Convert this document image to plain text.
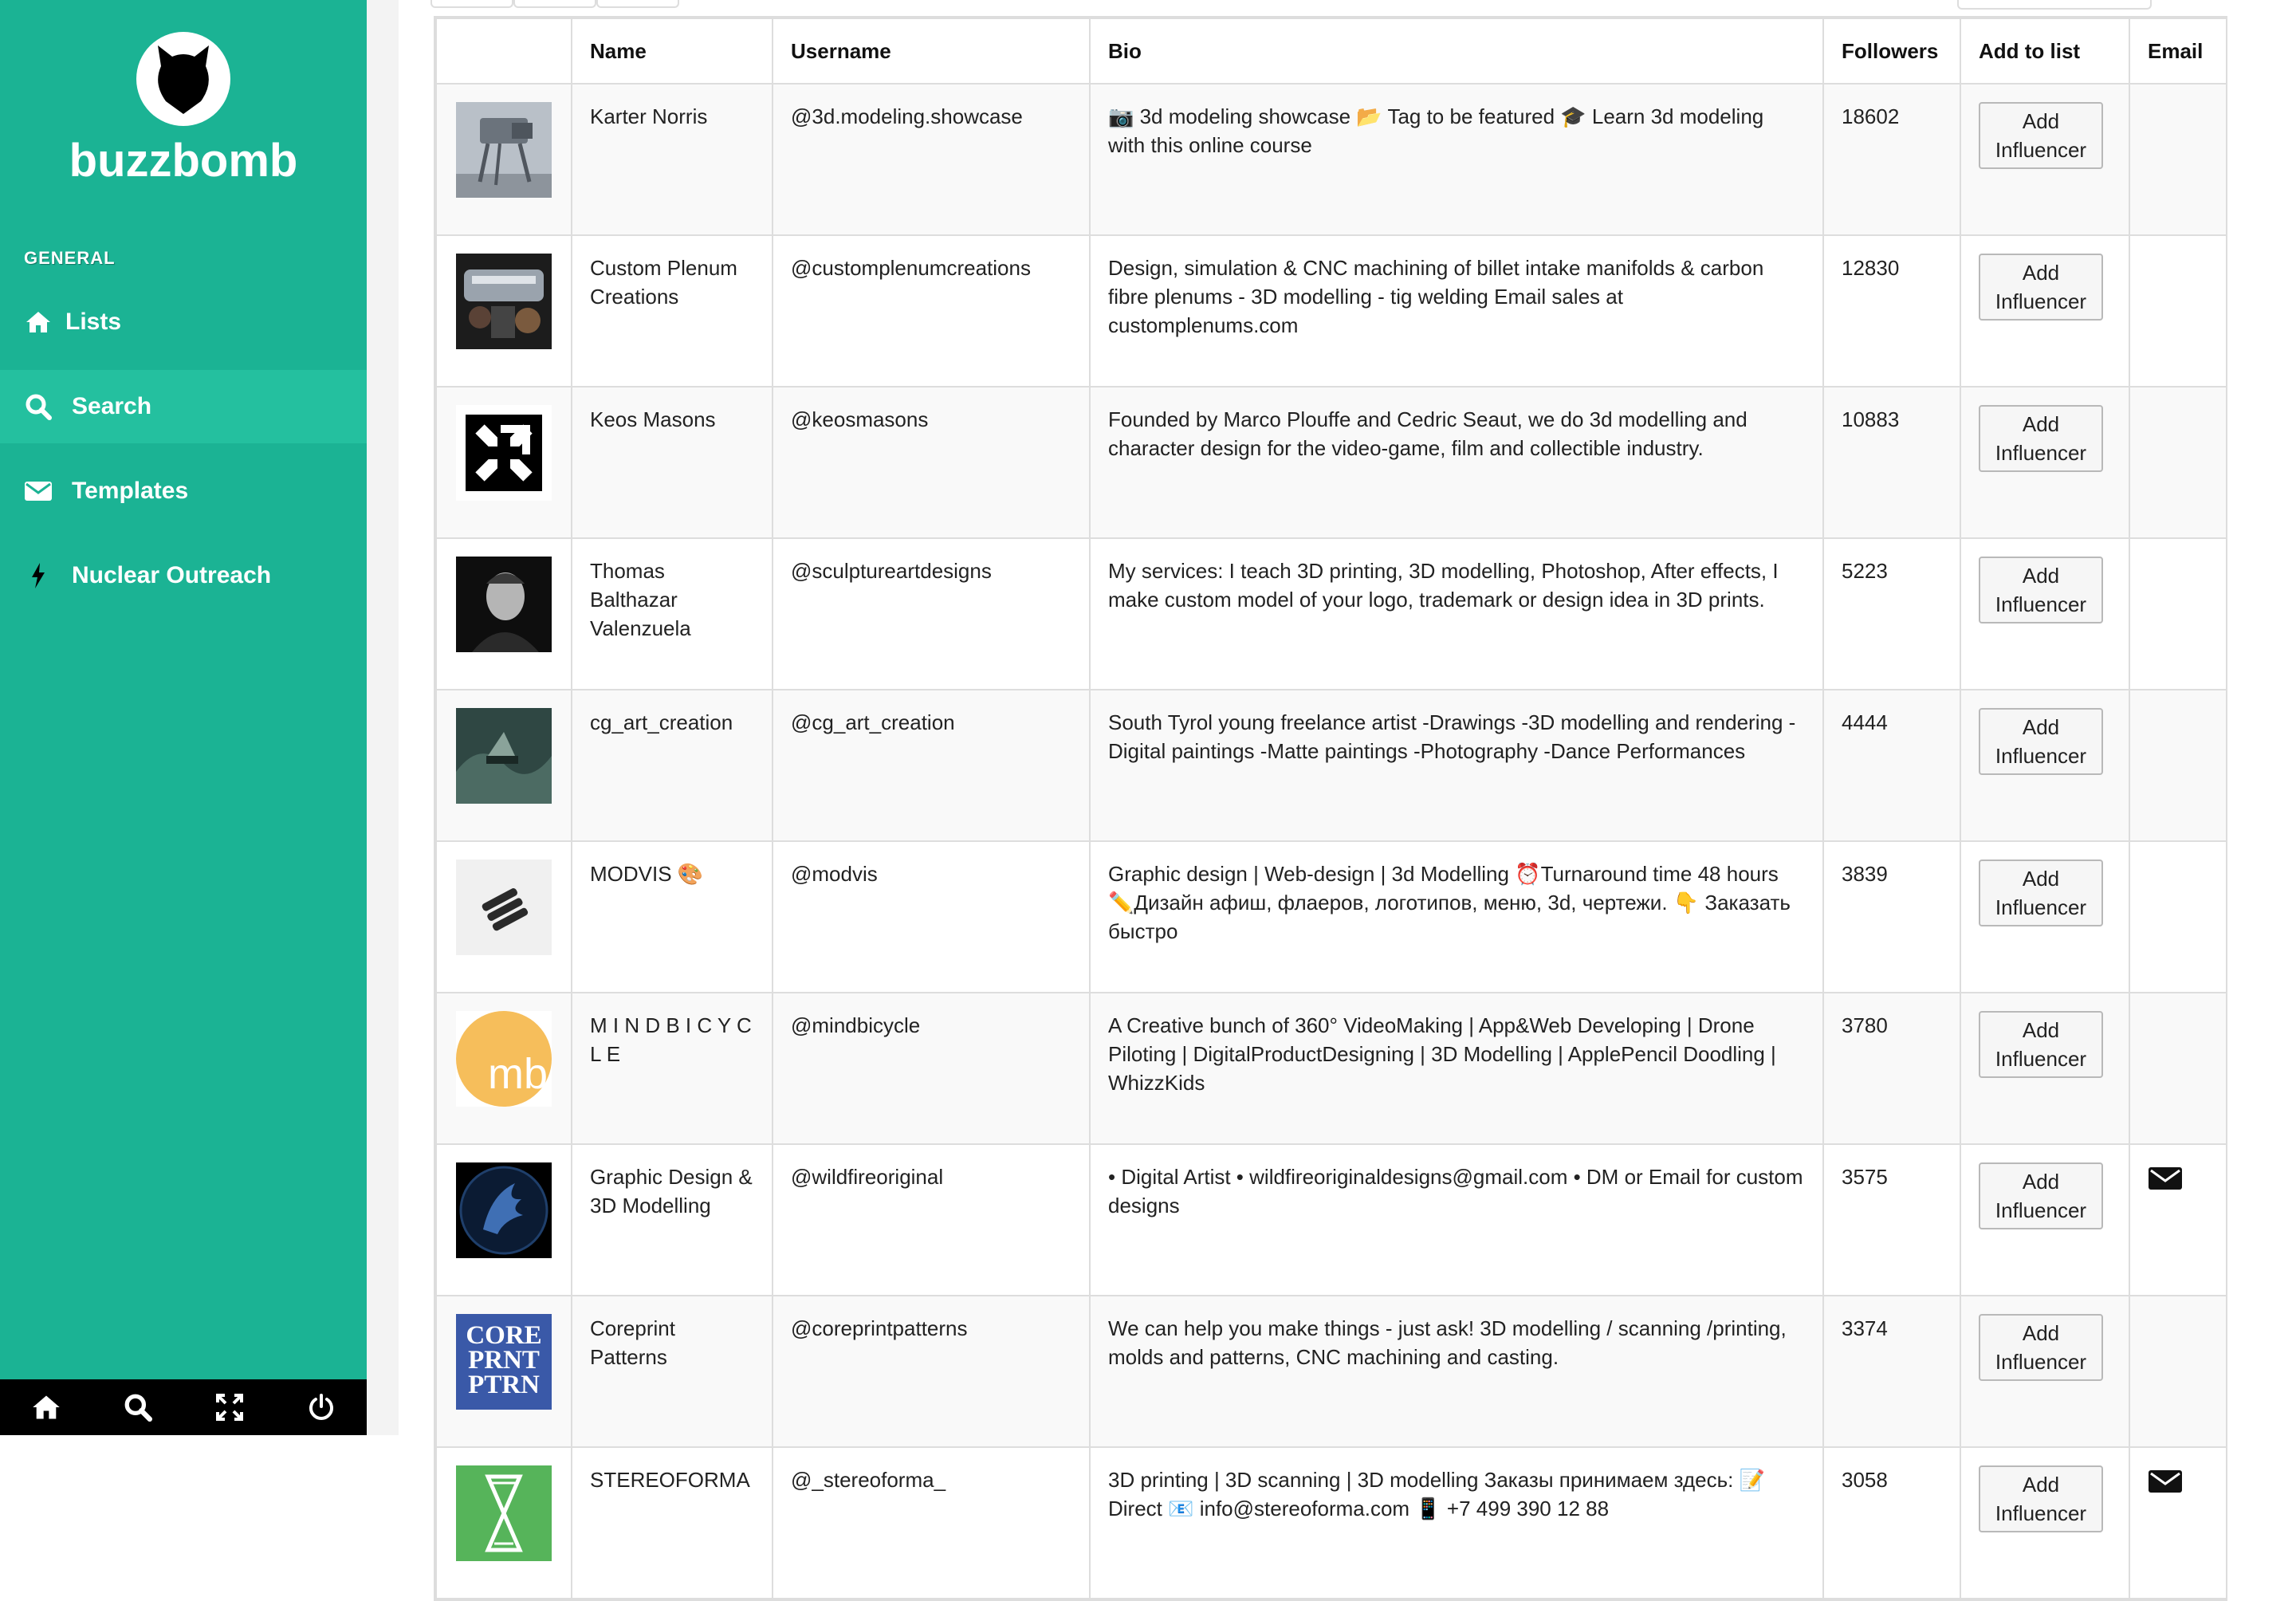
buzzbomb
GENERAL
Lists
Search
Templates
Nuclear Outreach
	Name	Username	Bio	Followers	Add to list	Email

	Karter Norris	@3d.modeling.showcase	📷 3d modeling showcase 📂 Tag to be featured 🎓 Learn 3d modeling with this online course	18602	Add Influencer	

	Custom Plenum Creations	@customplenumcreations	Design, simulation & CNC machining of billet intake manifolds & carbon fibre plenums - 3D modelling - tig welding Email sales at customplenums.com	12830	Add Influencer	

	Keos Masons	@keosmasons	Founded by Marco Plouffe and Cedric Seaut, we do 3d modelling and character design for the video-game, film and collectible industry.	10883	Add Influencer	

	Thomas Balthazar Valenzuela	@sculptureartdesigns	My services: I teach 3D printing, 3D modelling, Photoshop, After effects, I make custom model of your logo, trademark or design idea in 3D prints.	5223	Add Influencer	

	cg_art_creation	@cg_art_creation	South Tyrol young freelance artist -Drawings -3D modelling and rendering - Digital paintings -Matte paintings -Photography -Dance Performances	4444	Add Influencer	

	MODVIS 🎨	@modvis	Graphic design | Web-design | 3d Modelling ⏰Turnaround time 48 hours ✏️Дизайн афиш, флаеров, логотипов, меню, 3d, чертежи. 👇 Заказать быстро	3839	Add Influencer	

mb	M I N D B I C Y C L E	@mindbicycle	A Creative bunch of 360° VideoMaking | App&Web Developing | Drone Piloting | DigitalProductDesigning | 3D Modelling | ApplePencil Doodling | WhizzKids	3780	Add Influencer	

	Graphic Design & 3D Modelling	@wildfireoriginal	• Digital Artist • wildfireoriginaldesigns@gmail.com • DM or Email for custom designs	3575	Add Influencer

CORE
PRNT
PTRN	Coreprint Patterns	@coreprintpatterns	We can help you make things - just ask! 3D modelling / scanning /printing, molds and patterns, CNC machining and casting.	3374	Add Influencer	

	STEREOFORMA	@_stereoforma_	3D printing | 3D scanning | 3D modelling Заказы принимаем здесь: 📝 Direct 📧 info@stereoforma.com 📱 +7 499 390 12 88	3058	Add Influencer
